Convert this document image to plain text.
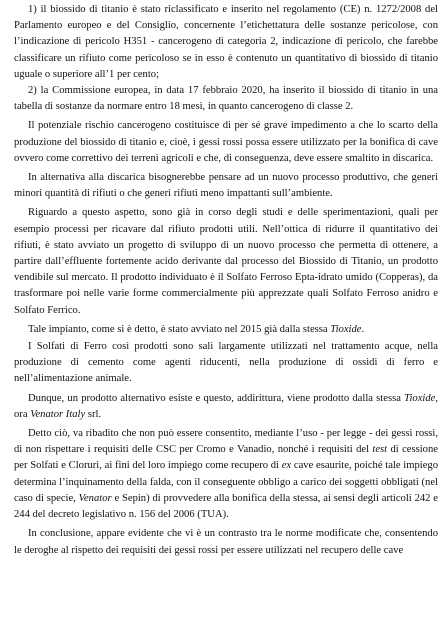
1) il biossido di titanio è stato riclassificato e inserito nel regolamento (CE) n. 1272/2008 del Parlamento europeo e del Consiglio, concernente l’etichettatura delle sostanze pericolose, con l’indicazione di pericolo H351 - cancerogeno di categoria 2, indicazione di pericolo, che farebbe classificare un rifiuto come pericoloso se in esso è contenuto un quantitativo di biossido di titanio uguale o superiore all’1 per cento;

2) la Commissione europea, in data 17 febbraio 2020, ha inserito il biossido di titanio in una tabella di sostanze da normare entro 18 mesi, in quanto cancerogeno di classe 2.

Il potenziale rischio cancerogeno costituisce di per sé grave impedimento a che lo scarto della produzione del biossido di titanio e, cioè, i gessi rossi possa essere utilizzato per la bonifica di cave ovvero come correttivo dei terreni agricoli e che, di conseguenza, deve essere smaltito in discarica.

In alternativa alla discarica bisognerebbe pensare ad un nuovo processo produttivo, che generi minori quantità di rifiuti o che generi rifiuti meno impattanti sull’ambiente.

Riguardo a questo aspetto, sono già in corso degli studi e delle sperimentazioni, quali per esempio processi per ricavare dal rifiuto prodotti utili. Nell’ottica di ridurre il quantitativo dei rifiuti, è stato avviato un progetto di sviluppo di un nuovo processo che permetta di ottenere, a partire dall’effluente fortemente acido derivante dal processo del Biossido di Titanio, un prodotto vendibile sul mercato. Il prodotto individuato è il Solfato Ferroso Epta-idrato umido (Copperas), da trasformare poi nelle varie forme commercialmente più apprezzate quali Solfato Ferroso anidro e Solfato Ferrico.

Tale impianto, come si è detto, è stato avviato nel 2015 già dalla stessa Tioxide.

I Solfati di Ferro così prodotti sono sali largamente utilizzati nel trattamento acque, nella produzione di cemento come agenti riducenti, nella produzione di ossidi di ferro e nell’alimentazione animale.

Dunque, un prodotto alternativo esiste e questo, addirittura, viene prodotto dalla stessa Tioxide, ora Venator Italy srl.

Detto ciò, va ribadito che non può essere consentito, mediante l’uso - per legge - dei gessi rossi, di non rispettare i requisiti delle CSC per Cromo e Vanadio, nonché i requisiti del test di cessione per Solfati e Cloruri, ai fini del loro impiego come recupero di ex cave esaurite, poiché tale impiego determina l’inquinamento della falda, con il conseguente obbligo a carico dei soggetti obbligati (nel caso di specie, Venator e Sepin) di provvedere alla bonifica della stessa, ai sensi degli articoli 242 e 244 del decreto legislativo n. 156 del 2006 (TUA).

In conclusione, appare evidente che vi è un contrasto tra le norme modificate che, consentendo le deroghe al rispetto dei requisiti dei gessi rossi per essere utilizzati nel recupero delle cave
